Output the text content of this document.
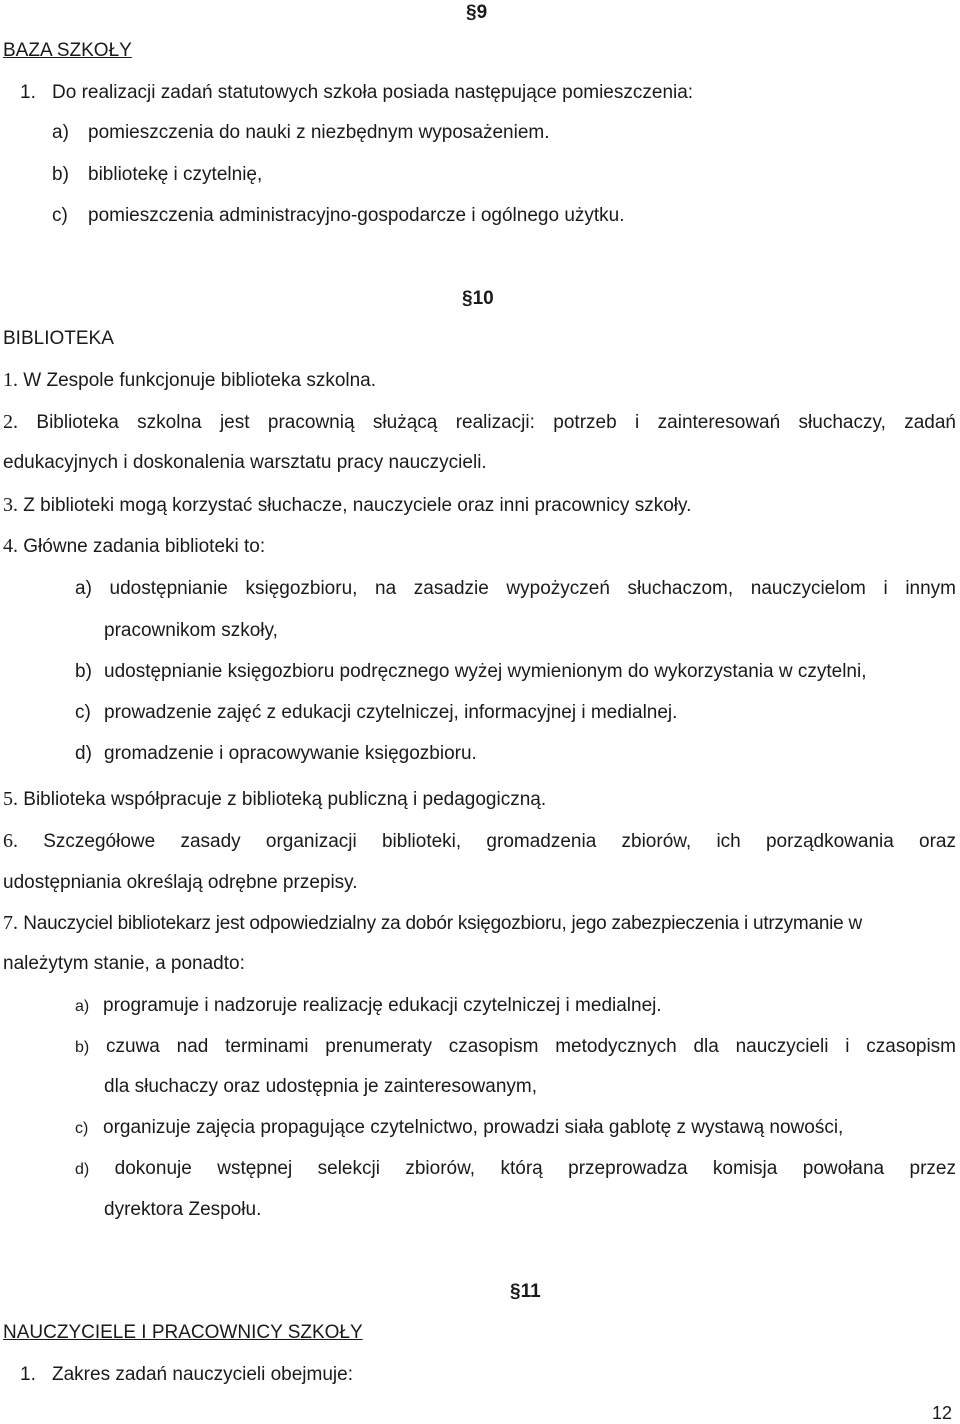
§9
BAZA SZKOŁY
1. Do realizacji zadań statutowych szkoła posiada następujące pomieszczenia:
a) pomieszczenia do nauki z niezbędnym wyposażeniem.
b) bibliotekę i czytelnię,
c) pomieszczenia administracyjno-gospodarcze i ogólnego użytku.
§10
BIBLIOTEKA
1. W Zespole funkcjonuje biblioteka szkolna.
2. Biblioteka szkolna jest pracownią służącą realizacji: potrzeb i zainteresowań słuchaczy, zadań
edukacyjnych i doskonalenia warsztatu pracy nauczycieli.
3. Z biblioteki mogą korzystać słuchacze, nauczyciele oraz inni pracownicy szkoły.
4. Główne zadania biblioteki to:
a) udostępnianie księgozbioru, na zasadzie wypożyczeń słuchaczom, nauczycielom i innym
pracownikom szkoły,
b) udostępnianie księgozbioru podręcznego wyżej wymienionym do wykorzystania w czytelni,
c) prowadzenie zajęć z edukacji czytelniczej, informacyjnej i medialnej.
d) gromadzenie i opracowywanie księgozbioru.
5. Biblioteka współpracuje z biblioteką publiczną i pedagogiczną.
6. Szczegółowe zasady organizacji biblioteki, gromadzenia zbiorów, ich porządkowania oraz
udostępniania określają odrębne przepisy.
7. Nauczyciel bibliotekarz jest odpowiedzialny za dobór księgozbioru, jego zabezpieczenia i utrzymanie w
należytym stanie, a ponadto:
a) programuje i nadzoruje realizację edukacji czytelniczej i medialnej.
b) czuwa nad terminami prenumeraty czasopism metodycznych dla nauczycieli i czasopism
dla słuchaczy oraz udostępnia je zainteresowanym,
c) organizuje zajęcia propagujące czytelnictwo, prowadzi siała gablotę z wystawą nowości,
d) dokonuje wstępnej selekcji zbiorów, którą przeprowadza komisja powołana przez
dyrektora Zespołu.
§11
NAUCZYCIELE I PRACOWNICY SZKOŁY
1. Zakres zadań nauczycieli obejmuje:
12
